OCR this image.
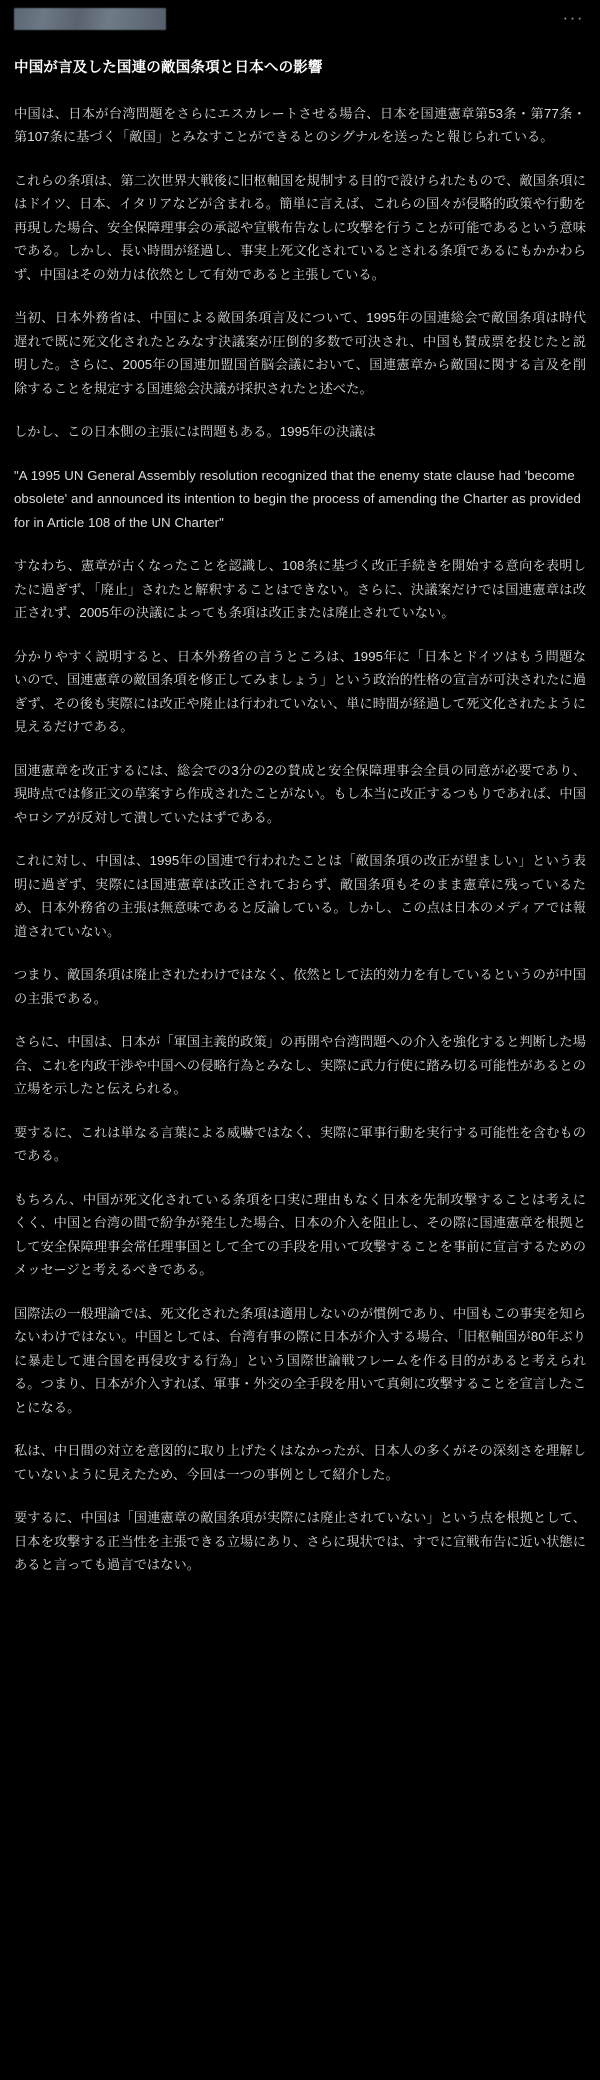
···
中国が言及した国連の敵国条項と日本への影響

中国は、日本が台湾問題をさらにエスカレートさせる場合、日本を国連憲章第53条・第77条・第107条に基づく「敵国」とみなすことができるとのシグナルを送ったと報じられている。

これらの条項は、第二次世界大戦後に旧枢軸国を規制する目的で設けられたもので、敵国条項にはドイツ、日本、イタリアなどが含まれる。簡単に言えば、これらの国々が侵略的政策や行動を再現した場合、安全保障理事会の承認や宣戦布告なしに攻撃を行うことが可能であるという意味である。しかし、長い時間が経過し、事実上死文化されているとされる条項であるにもかかわらず、中国はその効力は依然として有効であると主張している。

当初、日本外務省は、中国による敵国条項言及について、1995年の国連総会で敵国条項は時代遅れで既に死文化されたとみなす決議案が圧倒的多数で可決され、中国も賛成票を投じたと説明した。さらに、2005年の国連加盟国首脳会議において、国連憲章から敵国に関する言及を削除することを規定する国連総会決議が採択されたと述べた。

しかし、この日本側の主張には問題もある。1995年の決議は

"A 1995 UN General Assembly resolution recognized that the enemy state clause had 'become obsolete' and announced its intention to begin the process of amending the Charter as provided for in Article 108 of the UN Charter"

すなわち、憲章が古くなったことを認識し、108条に基づく改正手続きを開始する意向を表明したに過ぎず、「廃止」されたと解釈することはできない。さらに、決議案だけでは国連憲章は改正されず、2005年の決議によっても条項は改正または廃止されていない。

分かりやすく説明すると、日本外務省の言うところは、1995年に「日本とドイツはもう問題ないので、国連憲章の敵国条項を修正してみましょう」という政治的性格の宣言が可決されたに過ぎず、その後も実際には改正や廃止は行われていない、単に時間が経過して死文化されたように見えるだけである。

国連憲章を改正するには、総会での3分の2の賛成と安全保障理事会全員の同意が必要であり、現時点では修正文の草案すら作成されたことがない。もし本当に改正するつもりであれば、中国やロシアが反対して潰していたはずである。

これに対し、中国は、1995年の国連で行われたことは「敵国条項の改正が望ましい」という表明に過ぎず、実際には国連憲章は改正されておらず、敵国条項もそのまま憲章に残っているため、日本外務省の主張は無意味であると反論している。しかし、この点は日本のメディアでは報道されていない。

つまり、敵国条項は廃止されたわけではなく、依然として法的効力を有しているというのが中国の主張である。

さらに、中国は、日本が「軍国主義的政策」の再開や台湾問題への介入を強化すると判断した場合、これを内政干渉や中国への侵略行為とみなし、実際に武力行使に踏み切る可能性があるとの立場を示したと伝えられる。

要するに、これは単なる言葉による威嚇ではなく、実際に軍事行動を実行する可能性を含むものである。

もちろん、中国が死文化されている条項を口実に理由もなく日本を先制攻撃することは考えにくく、中国と台湾の間で紛争が発生した場合、日本の介入を阻止し、その際に国連憲章を根拠として安全保障理事会常任理事国として全ての手段を用いて攻撃することを事前に宣言するためのメッセージと考えるべきである。

国際法の一般理論では、死文化された条項は適用しないのが慣例であり、中国もこの事実を知らないわけではない。中国としては、台湾有事の際に日本が介入する場合、「旧枢軸国が80年ぶりに暴走して連合国を再侵攻する行為」という国際世論戦フレームを作る目的があると考えられる。つまり、日本が介入すれば、軍事・外交の全手段を用いて真剣に攻撃することを宣言したことになる。

私は、中日間の対立を意図的に取り上げたくはなかったが、日本人の多くがその深刻さを理解していないように見えたため、今回は一つの事例として紹介した。

要するに、中国は「国連憲章の敵国条項が実際には廃止されていない」という点を根拠として、日本を攻撃する正当性を主張できる立場にあり、さらに現状では、すでに宣戦布告に近い状態にあると言っても過言ではない。
